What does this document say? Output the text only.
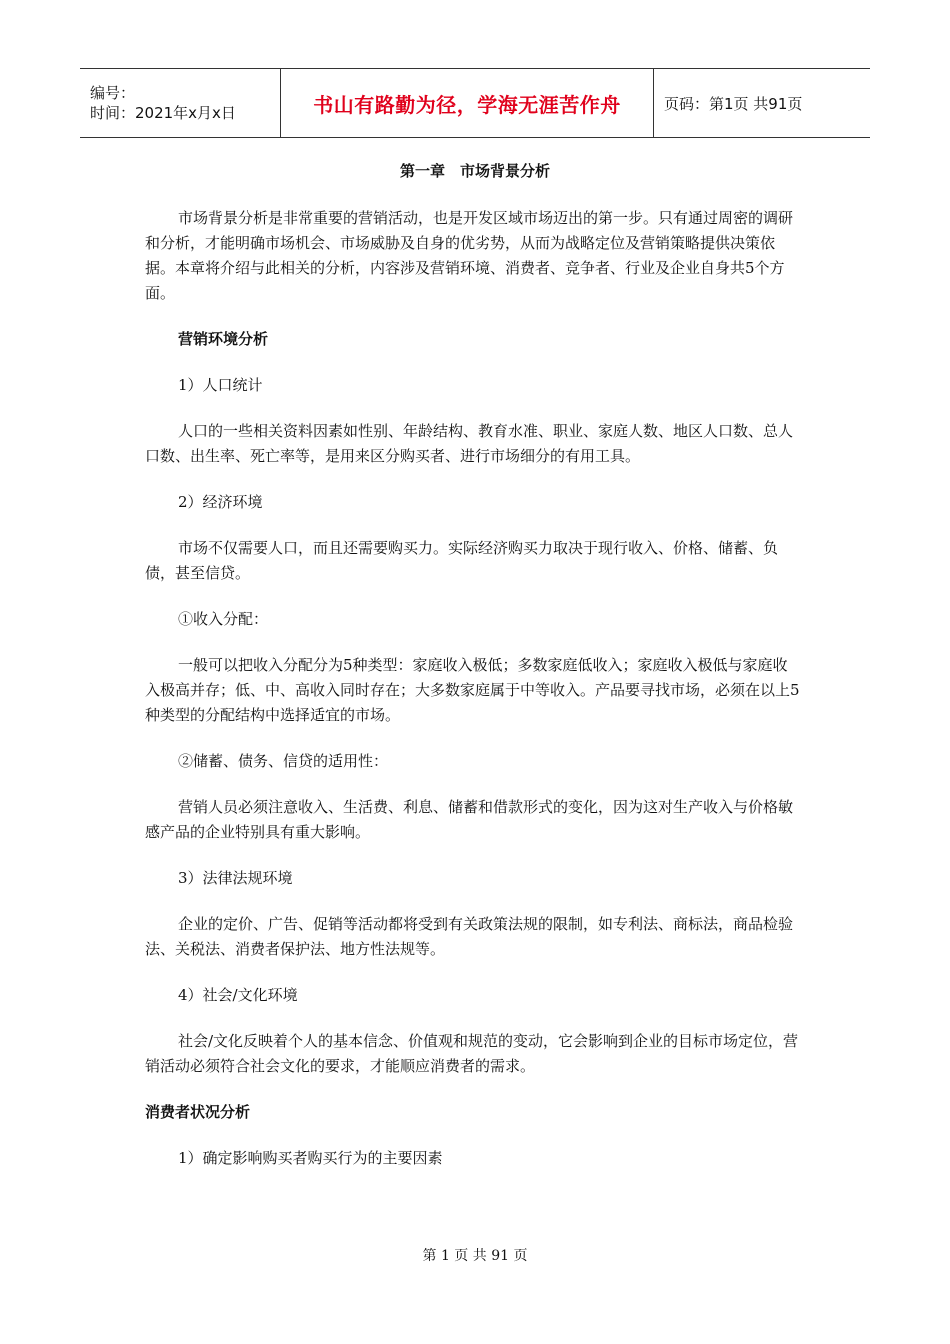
编号：
时间：2021年x月x日	书山有路勤为径，学海无涯苦作舟	页码：第1页 共91页
第一章　市场背景分析

市场背景分析是非常重要的营销活动，也是开发区域市场迈出的第一步。只有通过周密的调研和分析，才能明确市场机会、市场威胁及自身的优劣势，从而为战略定位及营销策略提供决策依据。本章将介绍与此相关的分析，内容涉及营销环境、消费者、竞争者、行业及企业自身共5个方面。

营销环境分析

1）人口统计

人口的一些相关资料因素如性别、年龄结构、教育水准、职业、家庭人数、地区人口数、总人口数、出生率、死亡率等，是用来区分购买者、进行市场细分的有用工具。

2）经济环境

市场不仅需要人口，而且还需要购买力。实际经济购买力取决于现行收入、价格、储蓄、负债，甚至信贷。

①收入分配：

一般可以把收入分配分为5种类型：家庭收入极低；多数家庭低收入；家庭收入极低与家庭收入极高并存；低、中、高收入同时存在；大多数家庭属于中等收入。产品要寻找市场，必须在以上5种类型的分配结构中选择适宜的市场。

②储蓄、债务、信贷的适用性：

营销人员必须注意收入、生活费、利息、储蓄和借款形式的变化，因为这对生产收入与价格敏感产品的企业特别具有重大影响。

3）法律法规环境

企业的定价、广告、促销等活动都将受到有关政策法规的限制，如专利法、商标法，商品检验法、关税法、消费者保护法、地方性法规等。

4）社会/文化环境

社会/文化反映着个人的基本信念、价值观和规范的变动，它会影响到企业的目标市场定位，营销活动必须符合社会文化的要求，才能顺应消费者的需求。

消费者状况分析

1）确定影响购买者购买行为的主要因素

第 1 页 共 91 页
